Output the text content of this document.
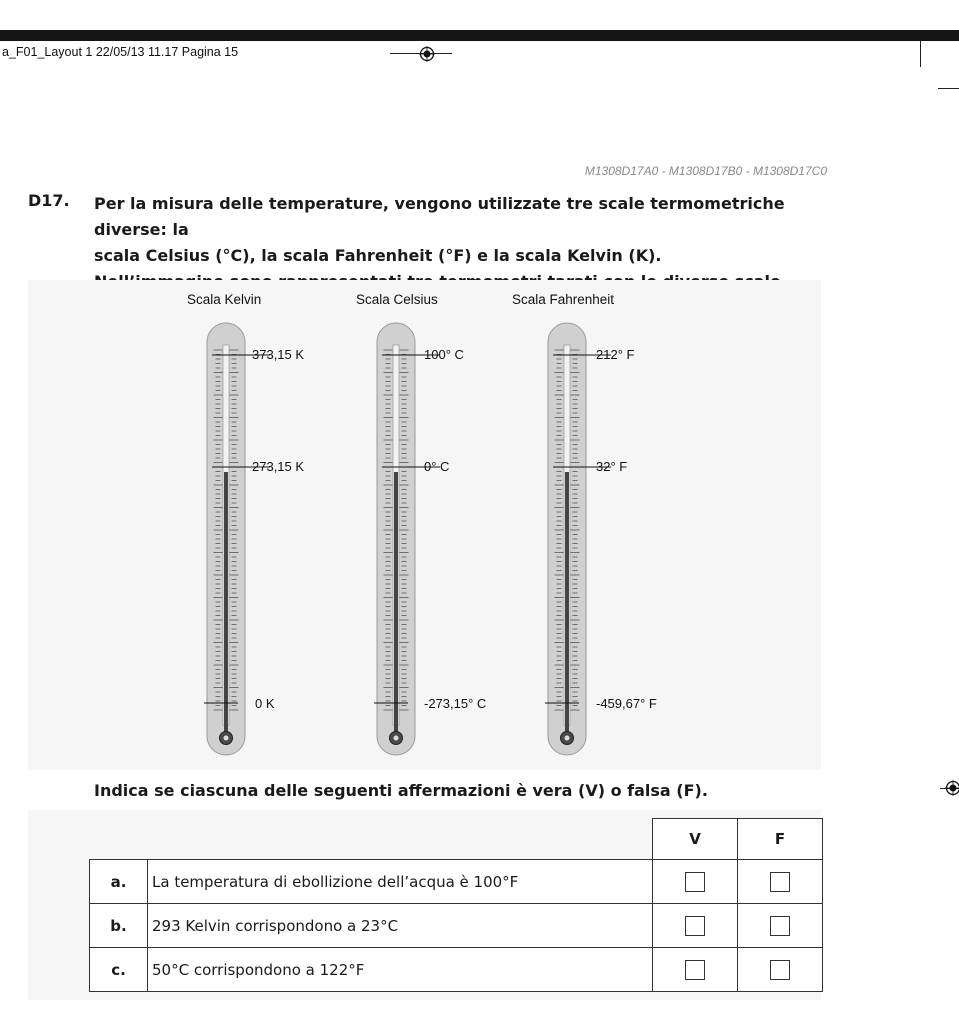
a_F01_Layout 1 22/05/13 11.17 Pagina 15
M1308D17A0 - M1308D17B0 - M1308D17C0
D17. Per la misura delle temperature, vengono utilizzate tre scale termometriche diverse: la

scala Celsius (°C), la scala Fahrenheit (°F) e la scala Kelvin (K).

Scala Kelvin	Scala Celsius	Scala Fahrenheit
373,15 K
273,15 K
0 K
100° C
0° C
-273,15° C
212° F
32° F
-459,67° F
Indica se ciascuna delle seguenti affermazioni è vera (V) o falsa (F).
		V	F
a.	La temperatura di ebollizione dell’acqua è 100°F		
b.	293 Kelvin corrispondono a 23°C		
c.	50°C corrispondono a 122°F		
